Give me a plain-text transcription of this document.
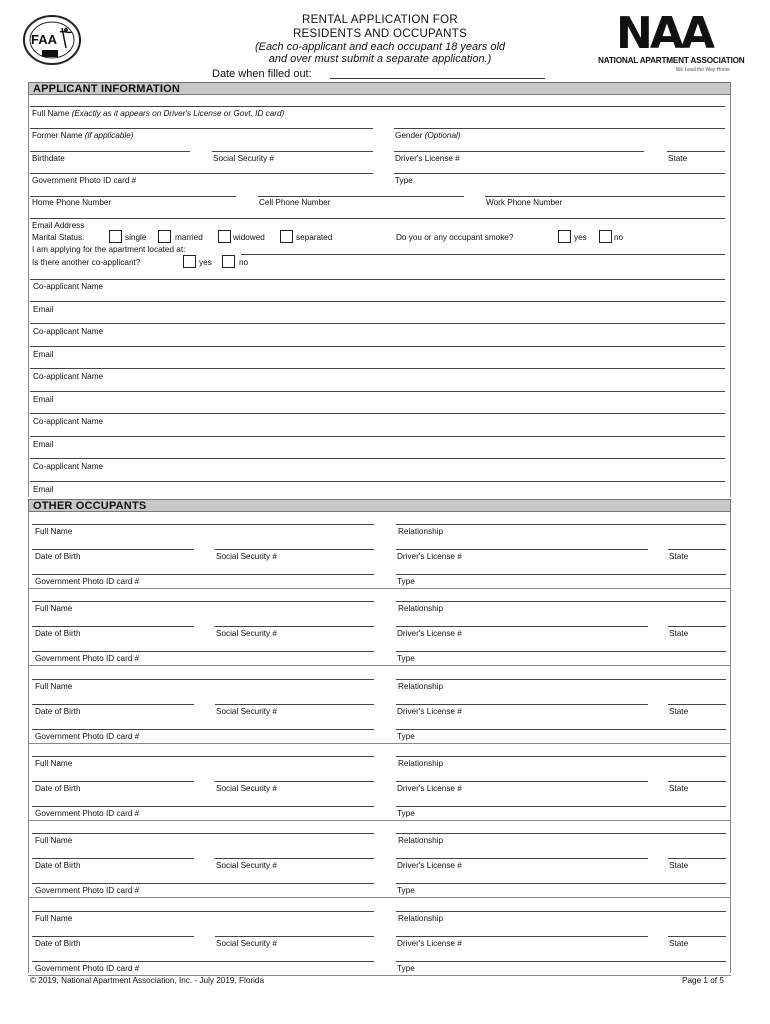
FAA	NAA
NATIONAL APARTMENT ASSOCIATION
We Lead the Way Home
RENTAL APPLICATION FOR
RESIDENTS AND OCCUPANTS
(Each co-applicant and each occupant 18 years old
and over must submit a separate application.)
Date when filled out:
APPLICANT INFORMATION
Full Name (Exactly as it appears on Driver's License or Govt. ID card)
Former Name (if applicable)	Gender (Optional)
Birthdate	Social Security #	Driver's License #	State
Government Photo ID card #	Type
Home Phone Number	Cell Phone Number	Work Phone Number
Email Address
Marital Status:	single	married	widowed	separated	Do you or any occupant smoke?	yes	no
I am applying for the apartment located at:
Is there another co-applicant?	yes	no
Co-applicant Name
Email
Co-applicant Name
Email
Co-applicant Name
Email
Co-applicant Name
Email
Co-applicant Name
Email
OTHER OCCUPANTS
Full Name	Relationship
Date of Birth	Social Security #	Driver's License #	State
Government Photo ID card #	Type
Full Name	Relationship
Date of Birth	Social Security #	Driver's License #	State
Government Photo ID card #	Type
Full Name	Relationship
Date of Birth	Social Security #	Driver's License #	State
Government Photo ID card #	Type
Full Name	Relationship
Date of Birth	Social Security #	Driver's License #	State
Government Photo ID card #	Type
Full Name	Relationship
Date of Birth	Social Security #	Driver's License #	State
Government Photo ID card #	Type
Full Name	Relationship
Date of Birth	Social Security #	Driver's License #	State
Government Photo ID card #	Type
© 2019, National Apartment Association, Inc. - July 2019, Florida	Page 1 of 5
